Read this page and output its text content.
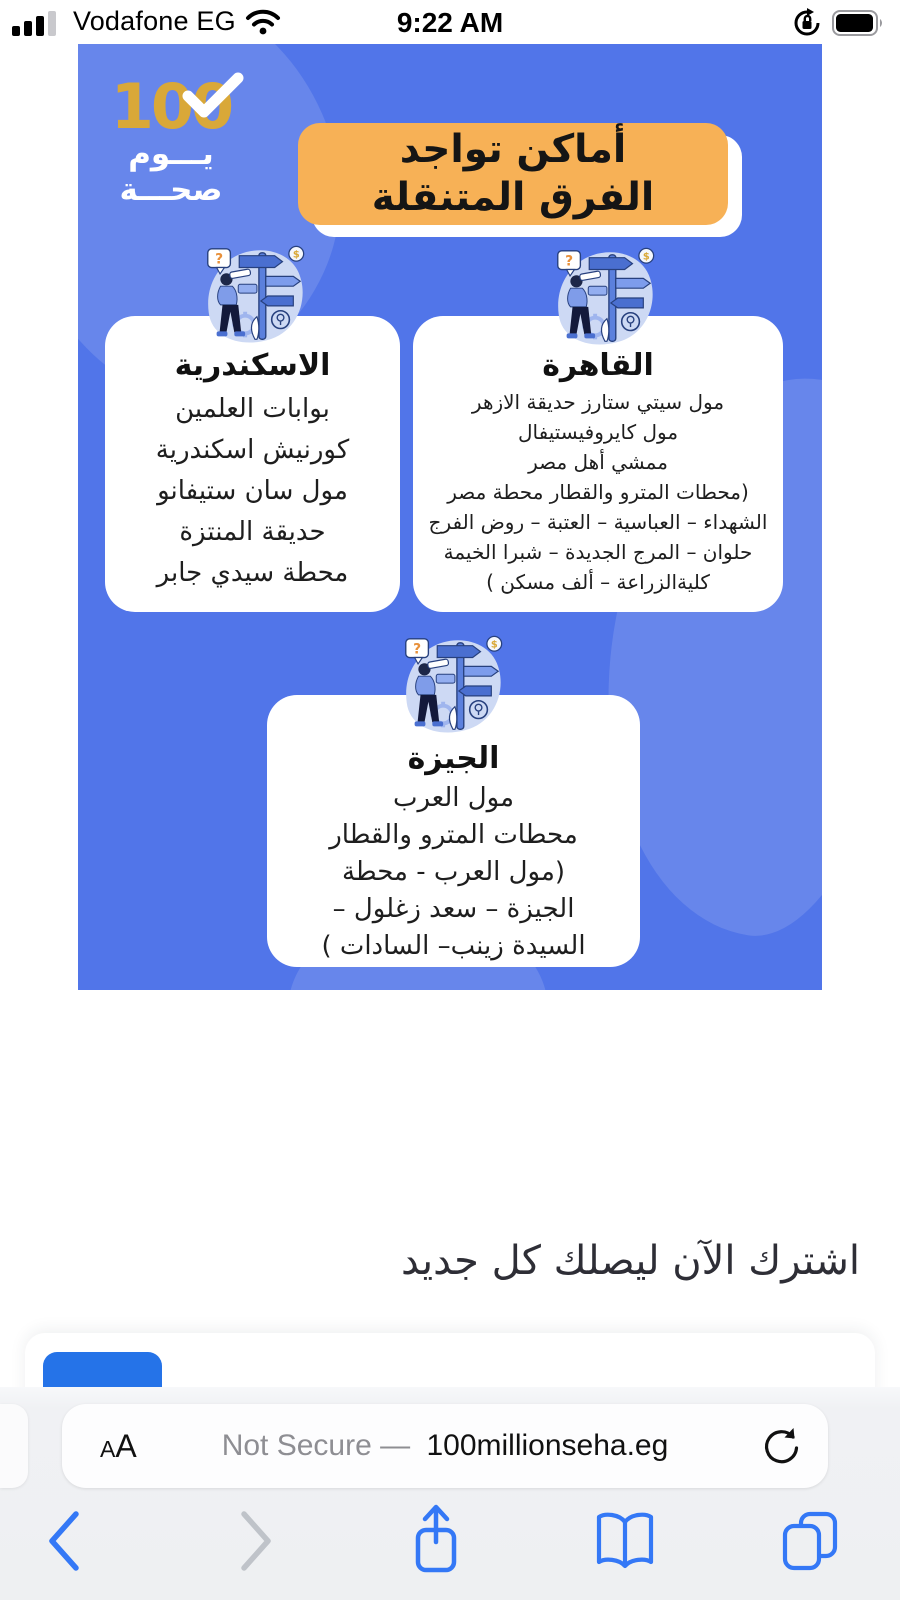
Vodafone EG	9:22 AM
100
يـــوم
صحـــة
أماكن تواجد
الفرق المتنقلة
الاسكندرية
بوابات العلمين
كورنيش اسكندرية
مول سان ستيفانو
حديقة المنتزة
محطة سيدي جابر
القاهرة
مول سيتي ستارز حديقة الازهر
مول كايروفيستيفال
ممشي أهل مصر
(محطات المترو والقطار محطة مصر
الشهداء – العباسية – العتبة – روض الفرج
حلوان – المرج الجديدة – شبرا الخيمة
كليةالزراعة – ألف مسكن )
الجيزة
مول العرب
محطات المترو والقطار
(مول العرب - محطة
الجيزة – سعد زغلول –
السيدة زينب– السادات )
اشترك الآن ليصلك كل جديد
AA	Not Secure — 100millionseha.eg
